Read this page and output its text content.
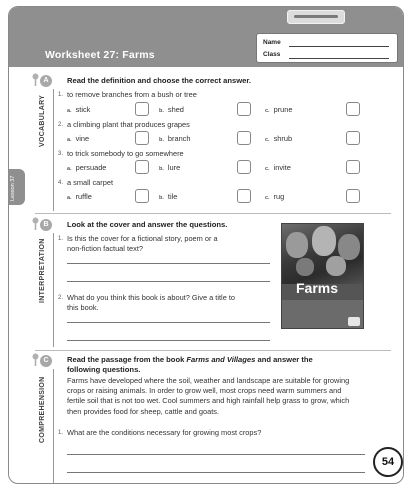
Worksheet 27: Farms
Name
Class
Lesson 37
A	Read the definition and choose the correct answer.
VOCABULARY 1. to remove branches from a bush or tree
a. stick	b. shed	c. prune
2. a climbing plant that produces grapes
a. vine	b. branch	c. shrub
3. to trick somebody to go somewhere
a. persuade	b. lure	c. invite
4. a small carpet
a. ruffle	b. tile	c. rug
B	Look at the cover and answer the questions.
INTERPRETATION 1. Is this the cover for a fictional story, poem or a
non-fiction factual text?
2. What do you think this book is about? Give a title to
this book.
Farms
C	Read the passage from the book Farms and Villages and answer the
following questions.
COMPREHENSION	Farms have developed where the soil, weather and landscape are suitable for growing crops or raising animals. In order to grow well, most crops need warm summers and fertile soil that is not too wet. Cool summers and high rainfall help grass to grow, which then provides food for sheep, cattle and goats.
1. What are the conditions necessary for growing most crops?
54
